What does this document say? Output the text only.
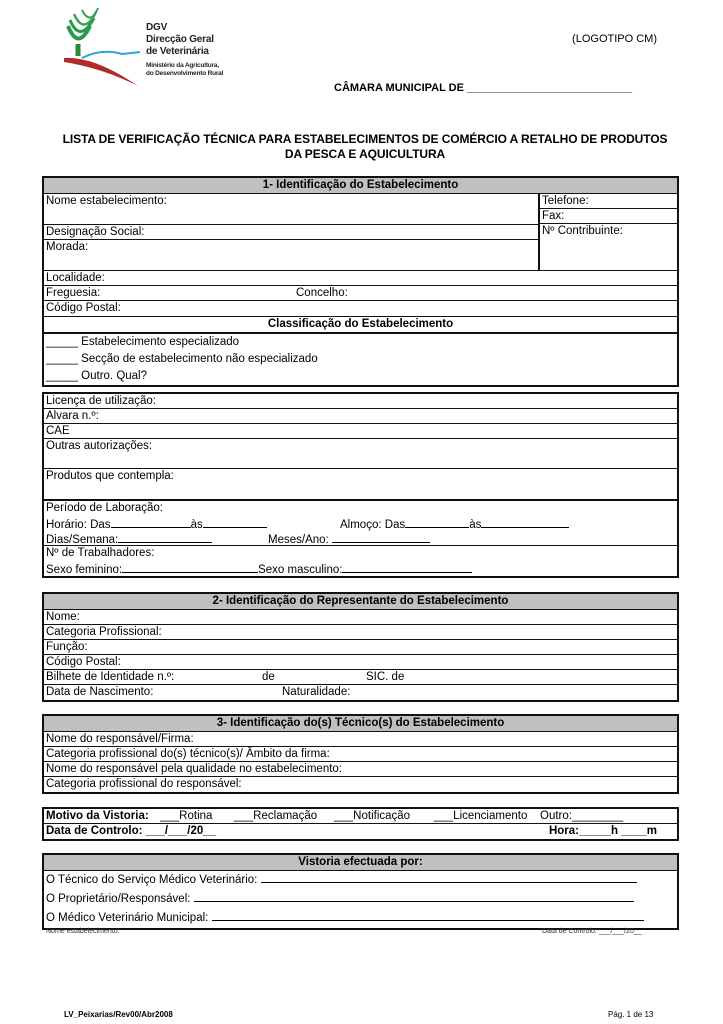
DGV
Direcção Geral
de Veterinária
Ministério da Agricultura,
do Desenvolvimento Rural
(LOGOTIPO CM)
CÂMARA MUNICIPAL DE ___________________________
LISTA DE VERIFICAÇÃO TÉCNICA PARA ESTABELECIMENTOS DE COMÉRCIO A RETALHO DE PRODUTOS
DA PESCA E AQUICULTURA
1- Identificação do Estabelecimento
Nome estabelecimento:
Designação Social:
Morada:
Telefone:
Fax:
Nº Contribuinte:
Localidade:
Freguesia:	Concelho:
Código Postal:
Classificação do Estabelecimento
_____ Estabelecimento especializado
_____ Secção de estabelecimento não especializado
_____ Outro. Qual?
Licença de utilização:
Alvara n.º:
CAE
Outras autorizações:
Produtos que contempla:
Período de Laboração:
Horário: Das	às	Almoço: Das	às
Dias/Semana:	Meses/Ano:
Nº de Trabalhadores:
Sexo feminino:	Sexo masculino:
2- Identificação do Representante do Estabelecimento
Nome:
Categoria Profissional:
Função:
Código Postal:
Bilhete de Identidade n.º:	de	SIC. de
Data de Nascimento:	Naturalidade:
3- Identificação do(s) Técnico(s) do Estabelecimento
Nome do responsável/Firma:
Categoria profissional do(s) técnico(s)/ Âmbito da firma:
Nome do responsável pela qualidade no estabelecimento:
Categoria profissional do responsável:
Motivo da Vistoria: ___Rotina ___Reclamação ___Notificação ___Licenciamento Outro:________
Data de Controlo: ___/___/20__	Hora:_____h ____m
Vistoria efectuada por:
O Técnico do Serviço Médico Veterinário:
O Proprietário/Responsável:
O Médico Veterinário Municipal:
Nome estabelecimento:	Data de Controlo: ___/___/20__
LV_Peixarias/Rev00/Abr2008	Pág. 1 de 13
